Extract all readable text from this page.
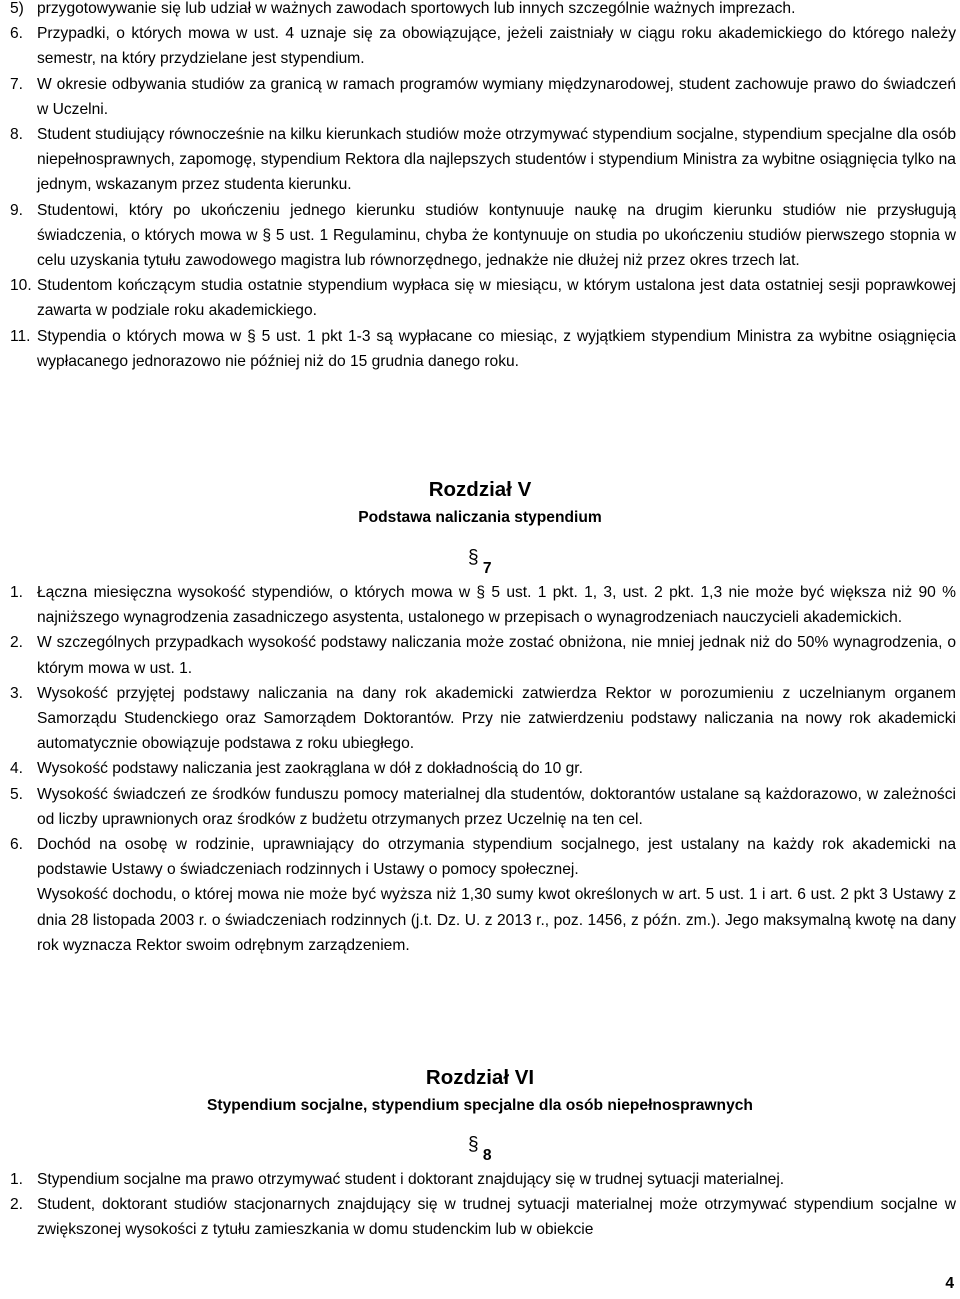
5) przygotowywanie się lub udział w ważnych zawodach sportowych lub innych szczególnie ważnych imprezach.
6. Przypadki, o których mowa w ust. 4 uznaje się za obowiązujące, jeżeli zaistniały w ciągu roku akademickiego do którego należy semestr, na który przydzielane jest stypendium.
7. W okresie odbywania studiów za granicą w ramach programów wymiany międzynarodowej, student zachowuje prawo do świadczeń w Uczelni.
8. Student studiujący równocześnie na kilku kierunkach studiów może otrzymywać stypendium socjalne, stypendium specjalne dla osób niepełnosprawnych, zapomogę, stypendium Rektora dla najlepszych studentów i stypendium Ministra za wybitne osiągnięcia tylko na jednym, wskazanym przez studenta kierunku.
9. Studentowi, który po ukończeniu jednego kierunku studiów kontynuuje naukę na drugim kierunku studiów nie przysługują świadczenia, o których mowa w § 5 ust. 1 Regulaminu, chyba że kontynuuje on studia po ukończeniu studiów pierwszego stopnia w celu uzyskania tytułu zawodowego magistra lub równorzędnego, jednakże nie dłużej niż przez okres trzech lat.
10. Studentom kończącym studia ostatnie stypendium wypłaca się w miesiącu, w którym ustalona jest data ostatniej sesji poprawkowej zawarta w podziale roku akademickiego.
11. Stypendia o których mowa w § 5 ust. 1 pkt 1-3 są wypłacane co miesiąc, z wyjątkiem stypendium Ministra za wybitne osiągnięcia wypłacanego jednorazowo nie później niż do 15 grudnia danego roku.
Rozdział V
Podstawa naliczania stypendium
§ 7
1. Łączna miesięczna wysokość stypendiów, o których mowa w § 5 ust. 1 pkt. 1, 3, ust. 2 pkt. 1,3 nie może być większa niż 90 % najniższego wynagrodzenia zasadniczego asystenta, ustalonego w przepisach o wynagrodzeniach nauczycieli akademickich.
2. W szczególnych przypadkach wysokość podstawy naliczania może zostać obniżona, nie mniej jednak niż do 50% wynagrodzenia, o którym mowa w ust. 1.
3. Wysokość przyjętej podstawy naliczania na dany rok akademicki zatwierdza Rektor w porozumieniu z uczelnianym organem Samorządu Studenckiego oraz Samorządem Doktorantów. Przy nie zatwierdzeniu podstawy naliczania na nowy rok akademicki automatycznie obowiązuje podstawa z roku ubiegłego.
4. Wysokość podstawy naliczania jest zaokrąglana w dół z dokładnością do 10 gr.
5. Wysokość świadczeń ze środków funduszu pomocy materialnej dla studentów, doktorantów ustalane są każdorazowo, w zależności od liczby uprawnionych oraz środków z budżetu otrzymanych przez Uczelnię na ten cel.
6. Dochód na osobę w rodzinie, uprawniający do otrzymania stypendium socjalnego, jest ustalany na każdy rok akademicki na podstawie Ustawy o świadczeniach rodzinnych i Ustawy o pomocy społecznej.
Wysokość dochodu, o której mowa nie może być wyższa niż 1,30 sumy kwot określonych w art. 5 ust. 1 i art. 6 ust. 2 pkt 3 Ustawy z dnia 28 listopada 2003 r. o świadczeniach rodzinnych (j.t. Dz. U. z 2013 r., poz. 1456, z późn. zm.). Jego maksymalną kwotę na dany rok wyznacza Rektor swoim odrębnym zarządzeniem.
Rozdział VI
Stypendium socjalne, stypendium specjalne dla osób niepełnosprawnych
§ 8
1. Stypendium socjalne ma prawo otrzymywać student i doktorant znajdujący się w trudnej sytuacji materialnej.
2. Student, doktorant studiów stacjonarnych znajdujący się w trudnej sytuacji materialnej może otrzymywać stypendium socjalne w zwiększonej wysokości z tytułu zamieszkania w domu studenckim lub w obiekcie
4
